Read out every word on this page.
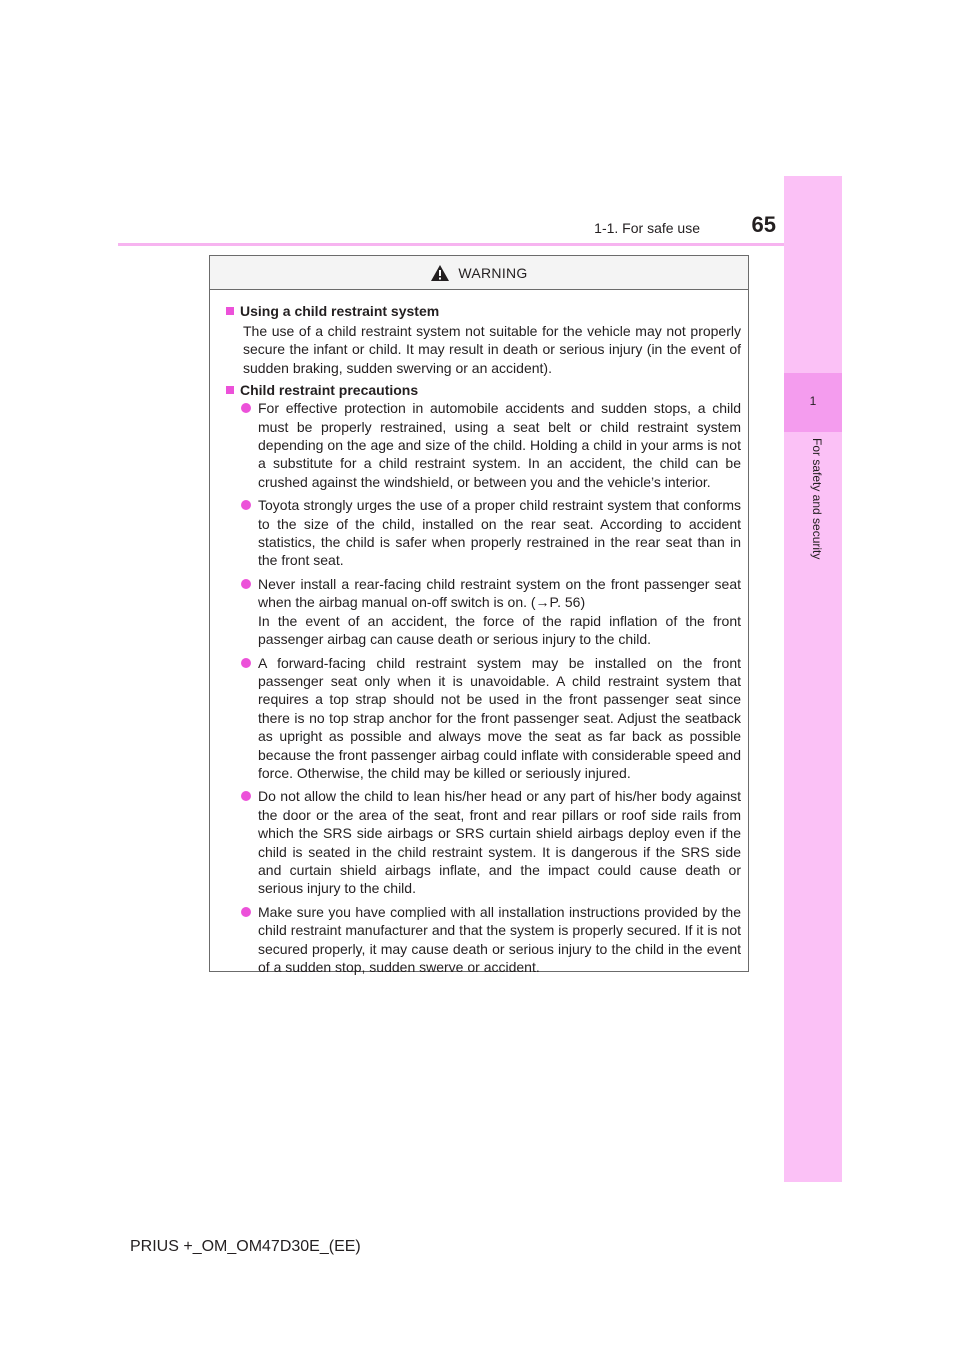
1-1. For safe use	65
1
For safety and security
WARNING
Using a child restraint system
The use of a child restraint system not suitable for the vehicle may not properly secure the infant or child. It may result in death or serious injury (in the event of sudden braking, sudden swerving or an accident).
Child restraint precautions
For effective protection in automobile accidents and sudden stops, a child must be properly restrained, using a seat belt or child restraint system depending on the age and size of the child. Holding a child in your arms is not a substitute for a child restraint system. In an accident, the child can be crushed against the windshield, or between you and the vehicle’s interior.
Toyota strongly urges the use of a proper child restraint system that conforms to the size of the child, installed on the rear seat. According to accident statistics, the child is safer when properly restrained in the rear seat than in the front seat.
Never install a rear-facing child restraint system on the front passenger seat when the airbag manual on-off switch is on. (→P. 56)
In the event of an accident, the force of the rapid inflation of the front passenger airbag can cause death or serious injury to the child.
A forward-facing child restraint system may be installed on the front passenger seat only when it is unavoidable. A child restraint system that requires a top strap should not be used in the front passenger seat since there is no top strap anchor for the front passenger seat. Adjust the seatback as upright as possible and always move the seat as far back as possible because the front passenger airbag could inflate with considerable speed and force. Otherwise, the child may be killed or seriously injured.
Do not allow the child to lean his/her head or any part of his/her body against the door or the area of the seat, front and rear pillars or roof side rails from which the SRS side airbags or SRS curtain shield airbags deploy even if the child is seated in the child restraint system. It is dangerous if the SRS side and curtain shield airbags inflate, and the impact could cause death or serious injury to the child.
Make sure you have complied with all installation instructions provided by the child restraint manufacturer and that the system is properly secured. If it is not secured properly, it may cause death or serious injury to the child in the event of a sudden stop, sudden swerve or accident.
PRIUS +_OM_OM47D30E_(EE)
